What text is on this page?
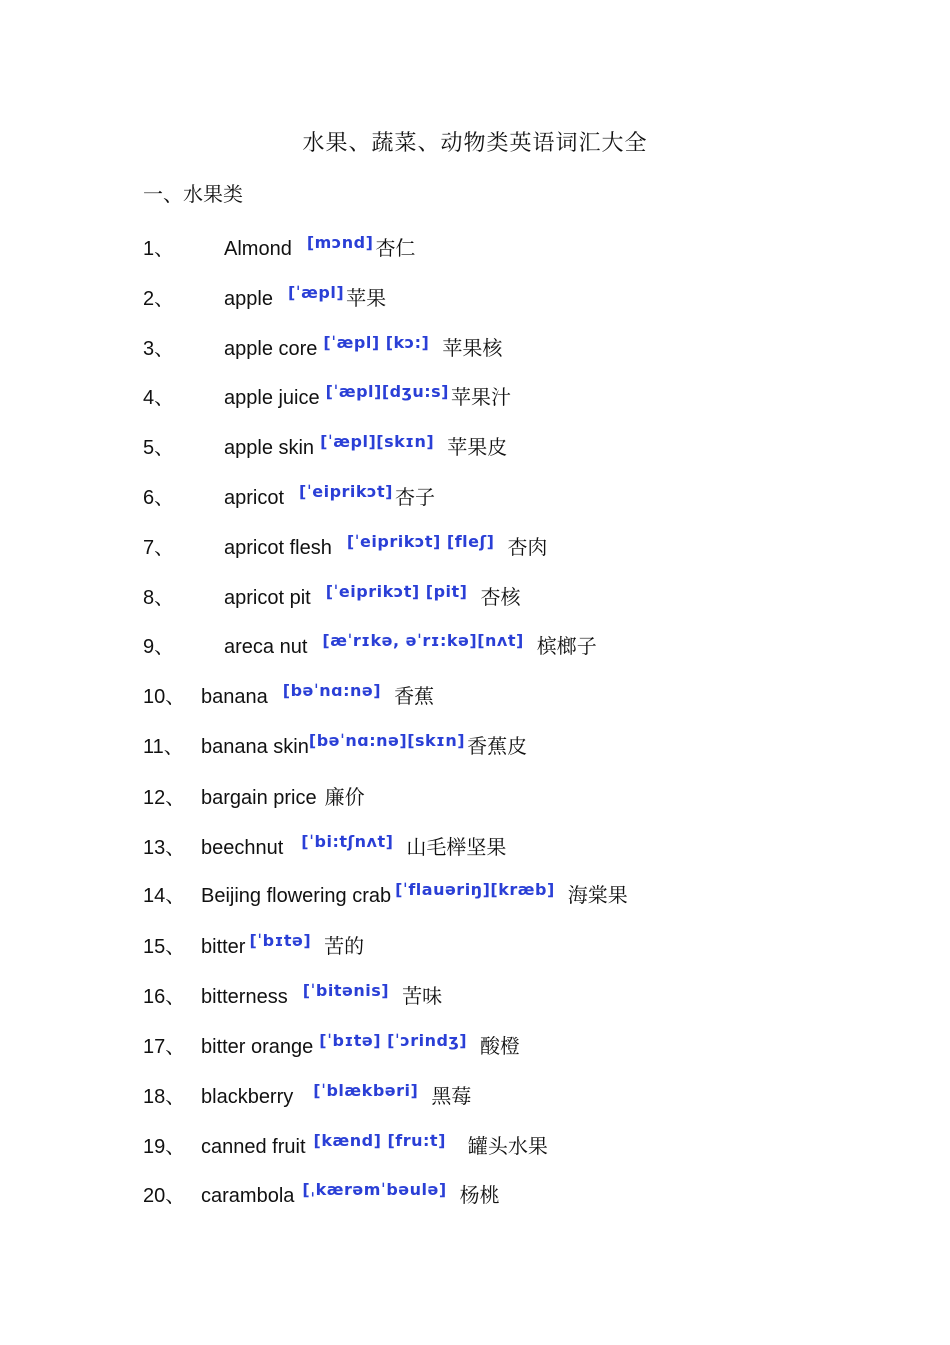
水果、蔬菜、动物类英语词汇大全
一、水果类
1、 Almond [mɔnd] 杏仁
2、 apple [ˈæpl] 苹果
3、 apple core [ˈæpl] [kɔ:] 苹果核
4、 apple juice [ˈæpl][dʒu:s] 苹果汁
5、 apple skin [ˈæpl][skɪn] 苹果皮
6、 apricot [ˈeiprikɔt] 杏子
7、 apricot flesh [ˈeiprikɔt] [fleʃ] 杏肉
8、 apricot pit [ˈeiprikɔt] [pit] 杏核
9、 areca nut [æˈrɪkə, əˈrɪ:kə][nʌt] 槟榔子
10、 banana [bəˈnɑ:nə] 香蕉
11、 banana skin [bəˈnɑ:nə][skɪn] 香蕉皮
12、 bargain price 廉价
13、 beechnut [ˈbi:tʃnʌt] 山毛榉坚果
14、 Beijing flowering crab [ˈflauəriŋ][kræb] 海棠果
15、 bitter [ˈbɪtə] 苦的
16、 bitterness [ˈbitənis] 苦味
17、 bitter orange [ˈbɪtə] [ˈɔrindʒ] 酸橙
18、 blackberry [ˈblækbəri] 黑莓
19、 canned fruit [kænd] [fru:t] 罐头水果
20、 carambola [ˌkærəmˈbəulə] 杨桃
